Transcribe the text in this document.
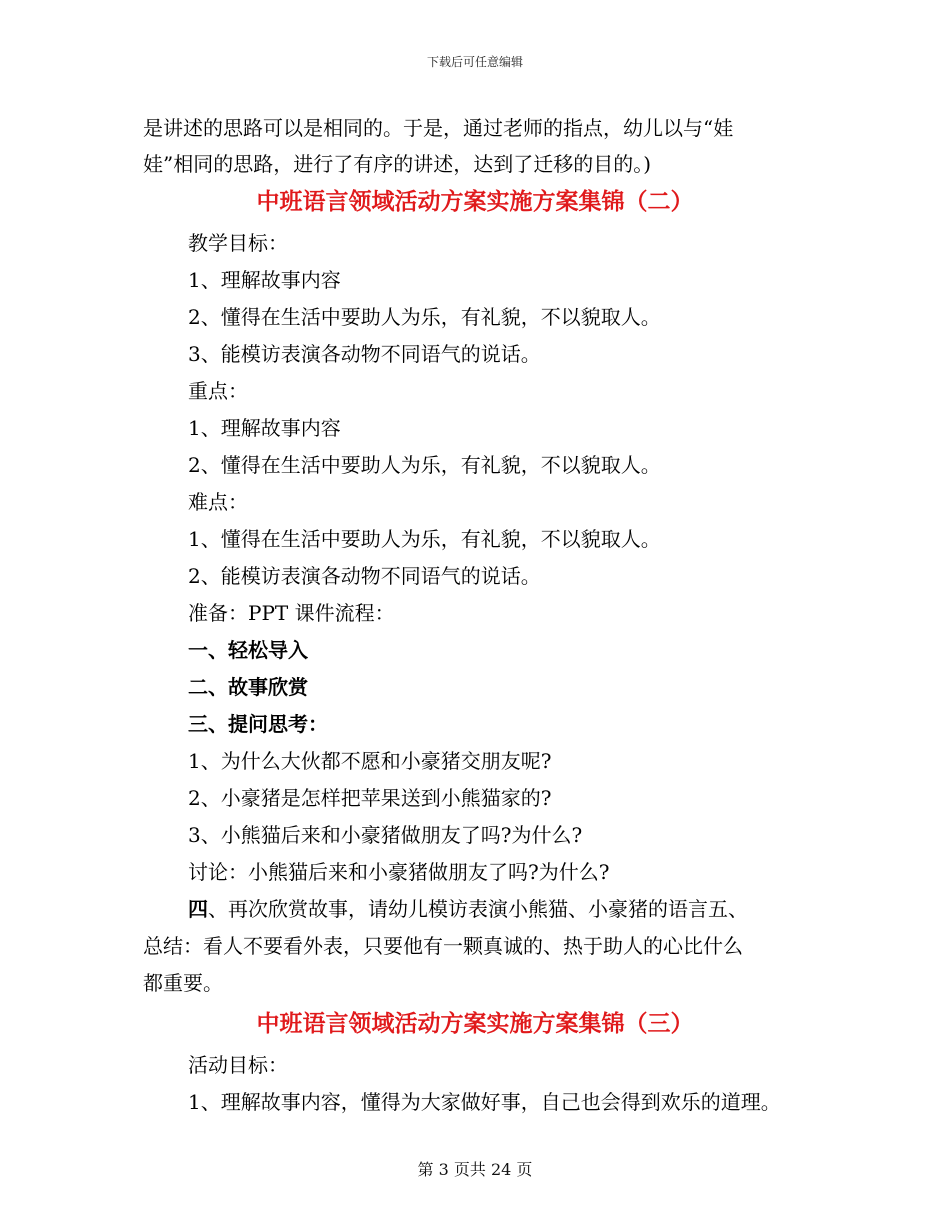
下载后可任意编辑
是讲述的思路可以是相同的。于是，通过老师的指点，幼儿以与“娃
娃”相同的思路，进行了有序的讲述，达到了迁移的目的。)
中班语言领域活动方案实施方案集锦（二）
教学目标：
1、理解故事内容
2、懂得在生活中要助人为乐，有礼貌，不以貌取人。
3、能模访表演各动物不同语气的说话。
重点：
1、理解故事内容
2、懂得在生活中要助人为乐，有礼貌，不以貌取人。
难点：
1、懂得在生活中要助人为乐，有礼貌，不以貌取人。
2、能模访表演各动物不同语气的说话。
准备：PPT 课件流程：
一、轻松导入
二、故事欣赏
三、提问思考：
1、为什么大伙都不愿和小豪猪交朋友呢?
2、小豪猪是怎样把苹果送到小熊猫家的?
3、小熊猫后来和小豪猪做朋友了吗?为什么?
讨论：小熊猫后来和小豪猪做朋友了吗?为什么?
四、再次欣赏故事，请幼儿模访表演小熊猫、小豪猪的语言五、
总结：看人不要看外表，只要他有一颗真诚的、热于助人的心比什么
都重要。
中班语言领域活动方案实施方案集锦（三）
活动目标：
1、理解故事内容，懂得为大家做好事，自己也会得到欢乐的道理。
第 3 页共 24 页
